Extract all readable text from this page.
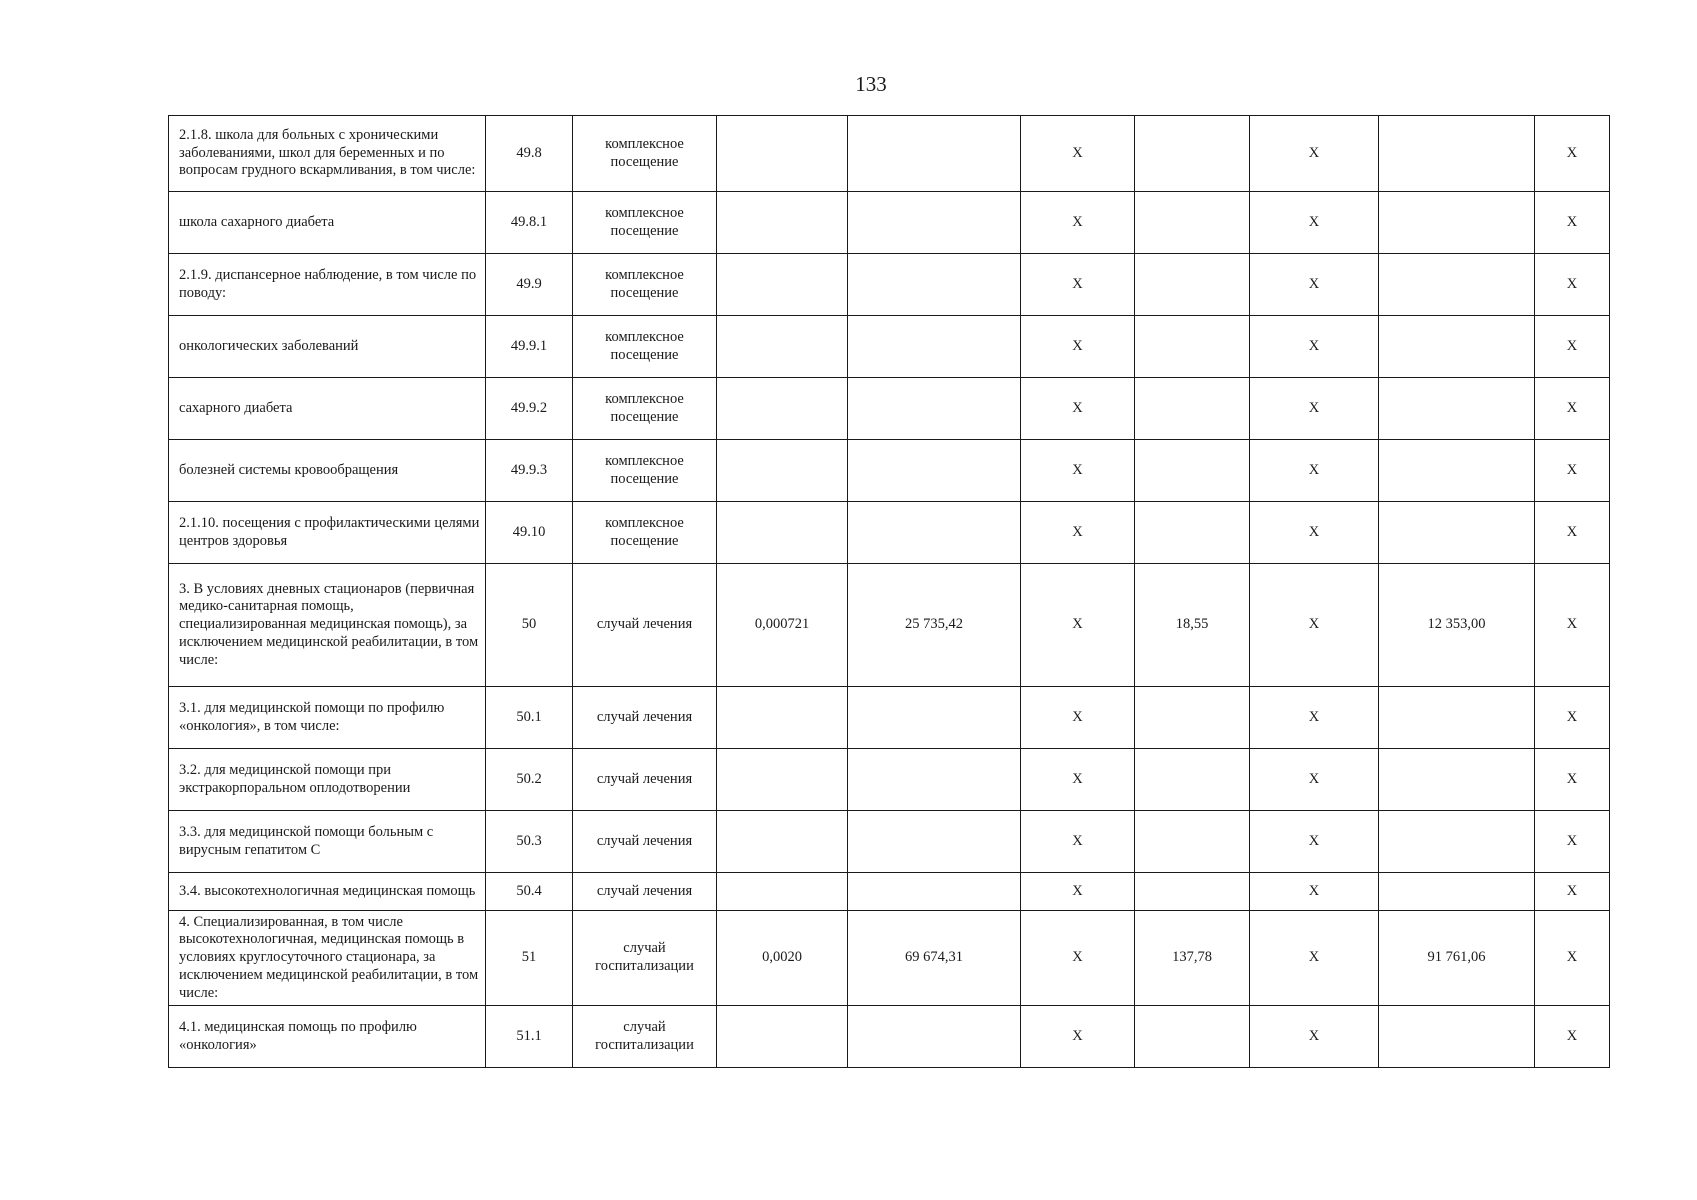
133
2.1.8. школа для больных с хроническими заболеваниями, школ для беременных и по вопросам грудного вскармливания, в том числе:	49.8	комплексное посещение			Х		Х		Х
школа сахарного диабета	49.8.1	комплексное посещение			Х		Х		Х
2.1.9. диспансерное наблюдение, в том числе по поводу:	49.9	комплексное посещение			Х		Х		Х
онкологических заболеваний	49.9.1	комплексное посещение			Х		Х		Х
сахарного диабета	49.9.2	комплексное посещение			Х		Х		Х
болезней системы кровообращения	49.9.3	комплексное посещение			Х		Х		Х
2.1.10. посещения с профилактическими целями центров здоровья	49.10	комплексное посещение			Х		Х		Х
3. В условиях дневных стационаров (первичная медико-санитарная помощь, специализированная медицинская помощь), за исключением медицинской реабилитации, в том числе:	50	случай лечения	0,000721	25 735,42	Х	18,55	Х	12 353,00	Х
3.1. для медицинской помощи по профилю «онкология», в том числе:	50.1	случай лечения			Х		Х		Х
3.2. для медицинской помощи при экстракорпоральном оплодотворении	50.2	случай лечения			Х		Х		Х
3.3. для медицинской помощи больным с вирусным гепатитом С	50.3	случай лечения			Х		Х		Х
3.4. высокотехнологичная медицинская помощь	50.4	случай лечения			Х		Х		Х
4. Специализированная, в том числе высокотехнологичная, медицинская помощь в условиях круглосуточного стационара, за исключением медицинской реабилитации, в том числе:	51	случай госпитализации	0,0020	69 674,31	Х	137,78	Х	91 761,06	Х
4.1. медицинская помощь по профилю «онкология»	51.1	случай госпитализации			Х		Х		Х
